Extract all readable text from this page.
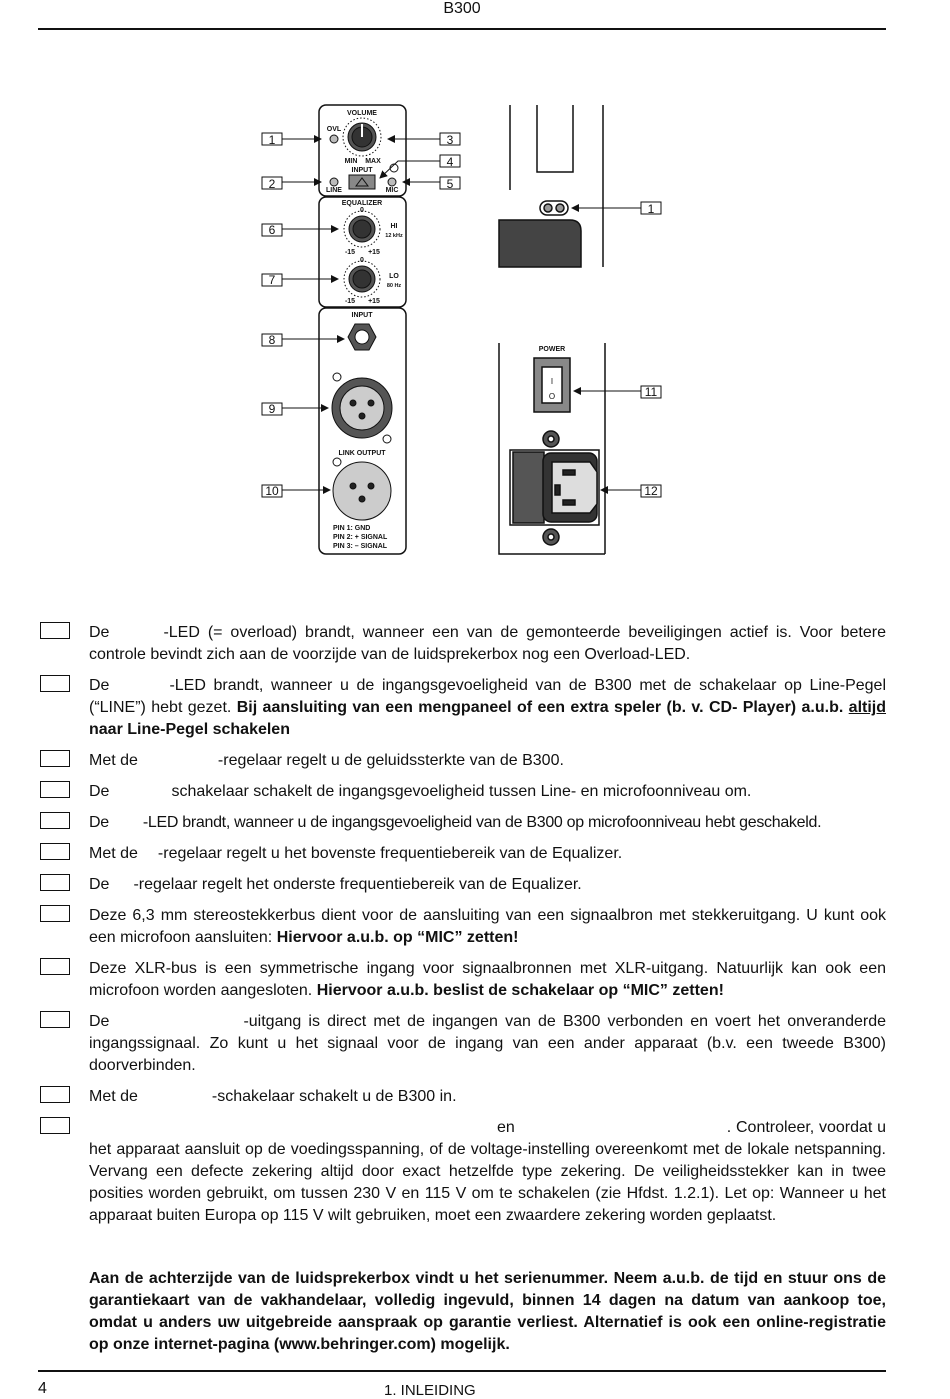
B300
VOLUME
OVL
MIN MAX
INPUT
LINE	MIC
EQUALIZER
0
-15 +15
HI
12 kHz
0
-15 +15
LO
80 Hz
INPUT
LINK OUTPUT
PIN 1: GND
PIN 2: + SIGNAL
PIN 3: – SIGNAL
POWER
I
O
1
2
3
4
5
6
7
8
9
10
1
11
12
De	-LED (= overload) brandt, wanneer een van de gemonteerde beveiligingen actief is. Voor betere controle bevindt zich aan de voorzijde van de luidsprekerbox nog een Overload-LED.
De	-LED brandt, wanneer u de ingangsgevoeligheid van de B300 met de schakelaar op Line-Pegel (“LINE”) hebt gezet. Bij aansluiting van een mengpaneel of een extra speler (b. v. CD- Player) a.u.b. altijd naar Line-Pegel schakelen
Met de	-regelaar regelt u de geluidssterkte van de B300.
De	schakelaar schakelt de ingangsgevoeligheid tussen Line- en microfoonniveau om.
De -LED brandt, wanneer u de ingangsgevoeligheid van de B300 op microfoonniveau hebt geschakeld.
Met de -regelaar regelt u het bovenste frequentiebereik van de Equalizer.
De -regelaar regelt het onderste frequentiebereik van de Equalizer.
Deze 6,3 mm stereostekkerbus dient voor de aansluiting van een signaalbron met stekkeruitgang. U kunt ook een microfoon aansluiten: Hiervoor a.u.b. op “MIC” zetten!
Deze XLR-bus is een symmetrische ingang voor signaalbronnen met XLR-uitgang. Natuurlijk kan ook een microfoon worden aangesloten. Hiervoor a.u.b. beslist de schakelaar op “MIC” zetten!
De	-uitgang is direct met de ingangen van de B300 verbonden en voert het onveranderde ingangssignaal. Zo kunt u het signaal voor de ingang van een ander apparaat (b.v. een tweede B300) doorverbinden.
Met de	-schakelaar schakelt u de B300 in.
en	. Controleer, voordat u het apparaat aansluit op de voedingsspanning, of de voltage-instelling overeenkomt met de lokale netspanning. Vervang een defecte zekering altijd door exact hetzelfde type zekering. De veiligheidsstekker kan in twee posities worden gebruikt, om tussen 230 V en 115 V om te schakelen (zie Hfdst. 1.2.1). Let op: Wanneer u het apparaat buiten Europa op 115 V wilt gebruiken, moet een zwaardere zekering worden geplaatst.
Aan de achterzijde van de luidsprekerbox vindt u het serienummer. Neem a.u.b. de tijd en stuur ons de garantiekaart van de vakhandelaar, volledig ingevuld, binnen 14 dagen na datum van aankoop toe, omdat u anders uw uitgebreide aanspraak op garantie verliest. Alternatief is ook een online-registratie op onze internet-pagina (www.behringer.com) mogelijk.
4	1. INLEIDING
